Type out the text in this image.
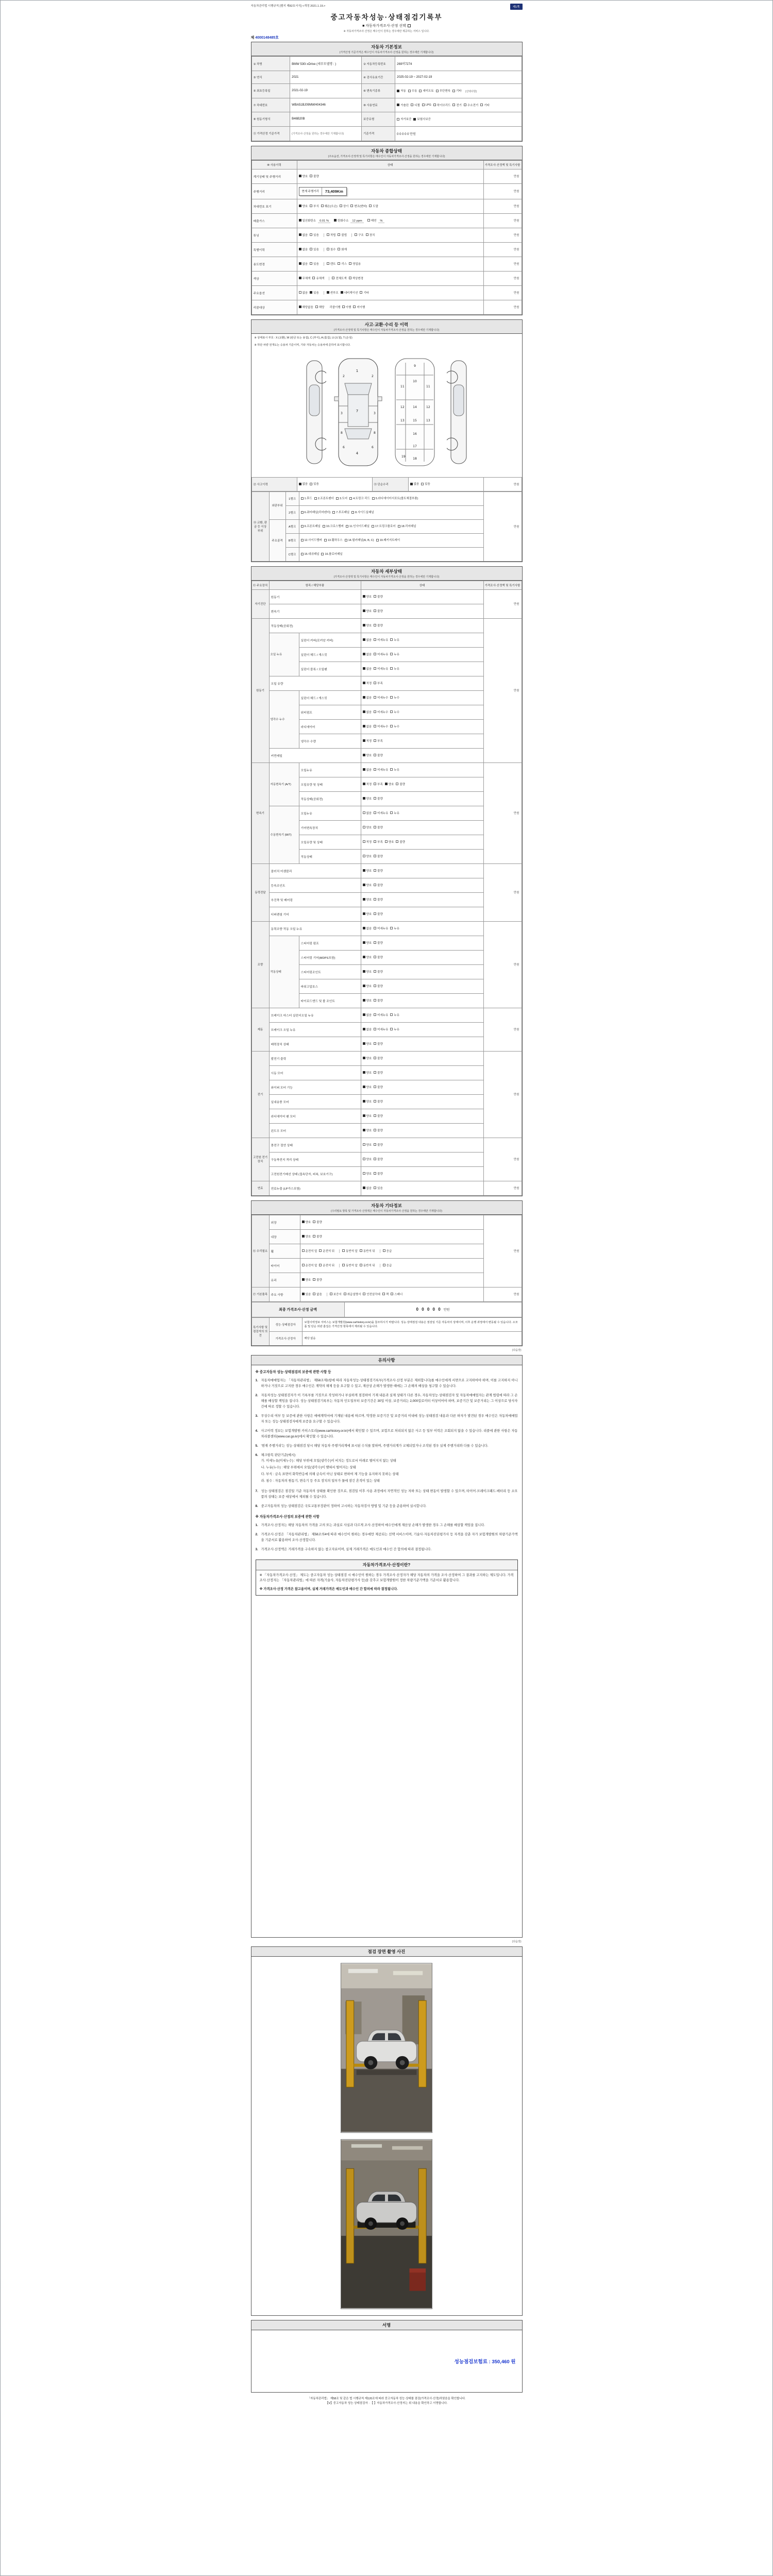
자동차관리법 시행규칙 [별지 제82호서식] <개정 2021.1.19.>	제1쪽
중고자동차성능·상태점검기록부
■ 자동차가격조사·산정 선택
※ 자동차가격조사·산정은 매수인이 원하는 경우에만 제공하는 서비스 입니다.
제 4000148485호
자동차 기본정보
(가격산정 기준가격은 매수인이 자동차가격조사·산정을 원하는 경우에만 기재합니다)
① 차명	BMW 530i xDrive (세부모델명 : )	② 자동차등록번호	269머7274
③ 연식	2021	④ 검사유효기간	2025-02-19 ~ 2027-02-19
⑤ 최초등록일	2021-02-19	⑥ 변속기종류	자동 수동 세미오토 무단변속 기타 (선택사항)
⑦ 차대번호	WBA51BJ09MWH04346	⑧ 사용연료	가솔린 디젤 LPG 하이브리드 전기 수소전기 기타
⑨ 원동기형식	B46B20B	보증유형	자가보증 보험사보증
⑪ 가격산정 기준가격	(가격조사·산정을 원하는 경우에만 기재합니다)	기준가격	0 0 0 0 0 만원
자동차 종합상태
(주요옵션, 가격조사·산정액 및 특기사항은 매수인이 자동차가격조사·산정을 원하는 경우에만 기재합니다)
⑩ 사용이력	상태	가격조사·산정액 및 특기사항
계기상태 및 주행거리	양호 불량	만원
주행거리	현재 주행거리 73,409Km	만원
차대번호 표기	양호 부식 훼손(오손) 상이 변조(변타) 도말	만원
배출가스	일산화탄소 0.01 % 탄화수소 12 ppm 매연 %	만원
튜닝	없음 있음	적법 불법	구조 장치	만원
특별이력	없음 있음 침수 화재	만원
용도변경	없음 있음 렌트 리스 영업용	만원
색상	무채색 유채색 전체도색 색상변경	만원
주요옵션	없음 있음 썬루프 네비게이션 기타	만원
리콜대상	해당없음 해당 리콜이행 이행 미이행	만원
사고·교환·수리 등 이력
(가격조사·산정액 및 특기사항은 매수인이 자동차가격조사·산정을 원하는 경우에만 기재합니다)
※ 상태표시 부호 : X (교환), W (판금 또는 용접), C (부식), A (흠집), U (요철), T (손상)
※ 하단 차량 전개도는 승용차 기준이며, 기타 자동차는 승용차에 준하여 표시합니다.
1
2	2
3	3
4
6	6
7
8	8
9
10
11	11
12	12
13	13
14
15
16
17
18
19
⑫ 사고이력	없음 있음	⑬ 단순수리	없음 있음	만원
⑭ 교환, 판금 등 이상 부위	외판부위	1랭크	1.후드 2.프론트펜더 3.도어 4.트렁크 리드 5.라디에이터서포트(볼트체결부품)	만원
		2랭크	6.쿼터패널(리어펜더) 7.루프패널 8.사이드실패널	
	주요골격	A랭크	9.프론트패널 10.크로스멤버 11.인사이드패널 17.트렁크플로어 18.리어패널	
		B랭크	12.사이드멤버 13.휠하우스 14.필러패널(A, B, C) 19.패키지트레이	
		C랭크	15.대쉬패널 16.플로어패널	
자동차 세부상태
(가격조사·산정액 및 특기사항은 매수인이 자동차가격조사·산정을 원하는 경우에만 기재합니다)
⑮ 주요장치	항목 / 해당부품		상태	가격조사·산정액 및 특기사항
자기진단	원동기		양호 불량	만원
	변속기		양호 불량	
원동기	작동상태(공회전)		양호 불량	만원
	오일 누유	실린더 커버(로커암 커버)	없음 미세누유 누유	
		실린더 헤드 / 개스킷	없음 미세누유 누유	
		실린더 블록 / 오일팬	없음 미세누유 누유	
	오일 유량		적정 부족	
	냉각수 누수	실린더 헤드 / 개스킷	없음 미세누수 누수	
		워터펌프	없음 미세누수 누수	
		라디에이터	없음 미세누수 누수	
		냉각수 수량	적정 부족	
	커먼레일		양호 불량	
변속기	자동변속기 (A/T)	오일누유	없음 미세누유 누유	만원
		오일유량 및 상태	적정 부족 양호 불량	
		작동상태(공회전)	양호 불량	
	수동변속기 (M/T)	오일누유	없음 미세누유 누유	
		기어변속장치	양호 불량	
		오일유량 및 상태	적정 부족 양호 불량	
		작동상태	양호 불량	
동력전달	클러치 어셈블리		양호 불량	만원
	등속조인트		양호 불량	
	추진축 및 베어링		양호 불량	
	디퍼렌셜 기어		양호 불량	
조향	동력조향 작동 오일 누유		없음 미세누유 누유	만원
	작동상태	스티어링 펌프	양호 불량	
		스티어링 기어(MDPS포함)	양호 불량	
		스티어링조인트	양호 불량	
		파워고압호스	양호 불량	
		타이로드엔드 및 볼 조인트	양호 불량	
제동	브레이크 마스터 실린더오일 누유		없음 미세누유 누유	만원
	브레이크 오일 누유		없음 미세누유 누유	
	배력장치 상태		양호 불량	
전기	발전기 출력		양호 불량	만원
	시동 모터		양호 불량	
	와이퍼 모터 기능		양호 불량	
	실내송풍 모터		양호 불량	
	라디에이터 팬 모터		양호 불량	
	윈도우 모터		양호 불량	
고전원 전기장치	충전구 절연 상태		양호 불량	만원
	구동축전지 격리 상태		양호 불량	
	고전원전기배선 상태 (접속단자, 피복, 보호기구)		양호 불량	
연료	연료누출 (LP가스포함)		없음 있음	만원
자동차 기타정보
(수리필요 항목 및 가격조사·산정액은 매수인이 자동차가격조사·산정을 원하는 경우에만 기재합니다)
⑯ 수리필요	외장	양호 불량	만원
	내장	양호 불량	
	휠	운전석 앞 운전석 뒤 동반석 앞 동반석 뒤 응급	
	타이어	운전석 앞 운전석 뒤 동반석 앞 동반석 뒤 응급	
	유리	양호 불량	
⑰ 기본품목	주요 사항	있음 없음	보증서 취급설명서 안전삼각대 잭 스패너	만원
최종 가격조사·산정 금액	0 0 0 0 0 만원
특기사항 및 점검자의 의견	성능·상태점검자	보험이력정보 서비스는 보험개발원(www.carhistory.or.kr)을 참조하시기 바랍니다. 성능·상태점검 내용은 점검일 기준 자동차의 상태이며, 이후 운행 과정에서 변동될 수 있습니다. 소모품 및 단순 외관 흠집은 가격산정 항목에서 제외될 수 있습니다.
	가격조사·산정자	해당 없음
(다음장)
유의사항
※ 중고자동차 성능·상태점검의 보증에 관한 사항 등
1. 자동차매매업자는 「자동차관리법」 제58조제1항에 따라 자동차성능·상태점검기록부(가격조사·산정 부분은 제외합니다)를 매수인에게 서면으로 고지하여야 하며, 이를 고지하지 아니하거나 거짓으로 고지한 경우 매수인은 계약의 해제 등을 요구할 수 있고, 재산상 손해가 발생한 때에는 그 손해의 배상을 청구할 수 있습니다.
2. 자동차성능·상태점검자가 이 기록부를 거짓으로 작성하거나 부실하게 점검하여 기재 내용과 실제 상태가 다른 경우, 자동차성능·상태점검자 및 자동차매매업자는 관계 법령에 따라 그 손해를 배상할 책임을 집니다. 성능·상태점검기록부는 자동차 인도일부터 보증기간은 30일 이상, 보증거리는 2,000킬로미터 이상이어야 하며, 보증기간 및 보증거리는 그 이상으로 당사자 간에 따로 정할 수 있습니다.
3. 무상수리 여부 등 보증에 관한 사항은 매매계약서에 기재된 내용에 따르며, 약정한 보증기간 및 보증거리 이내에 성능·상태점검 내용과 다른 하자가 발견된 경우 매수인은 자동차매매업자 또는 성능·상태점검자에게 보증을 요구할 수 있습니다.
4. 사고이력 정보는 보험개발원 카히스토리(www.carhistory.or.kr)에서 확인할 수 있으며, 보험으로 처리되지 않은 사고 등 일부 이력은 조회되지 않을 수 있습니다. 리콜에 관한 사항은 자동차리콜센터(www.car.go.kr)에서 확인할 수 있습니다.
5. '현재 주행거리'는 성능·상태점검 당시 해당 자동차 주행거리계에 표시된 수치를 말하며, 주행거리계가 교체되었거나 조작된 경우 실제 주행거리와 다를 수 있습니다.
6. 체크항목 판단기준(예시)
가. 미세누유(미세누수) : 해당 부위에 오일(냉각수)이 비치는 정도로서 아래로 떨어지지 않는 상태
나. 누유(누수) : 해당 부위에서 오일(냉각수)이 맺혀서 떨어지는 상태
다. 부식 : 금속 표면이 화학반응에 의해 금속이 아닌 상태로 변하여 제 기능을 유지하지 못하는 상태
라. 침수 : 자동차의 원동기, 변속기 등 주요 장치의 일부가 물에 잠긴 흔적이 있는 상태
7. 성능·상태점검은 점검일 기준 자동차의 상태를 확인한 것으로, 점검일 이후 사용 과정에서 자연적인 성능 저하 또는 상태 변동이 발생할 수 있으며, 타이어·브레이크패드·배터리 등 소모품의 상태는 보증 대상에서 제외될 수 있습니다.
8. 중고자동차의 성능·상태점검은 국토교통부장관이 정하여 고시하는 자동차검사 방법 및 기준 등을 준용하여 실시합니다.
※ 자동차가격조사·산정의 보증에 관한 사항
1. 가격조사·산정자는 해당 자동차의 가격을 고의 또는 과실로 사실과 다르게 조사·산정하여 매수인에게 재산상 손해가 발생한 경우 그 손해를 배상할 책임을 집니다.
2. 가격조사·산정은 「자동차관리법」 제58조의4에 따라 매수인이 원하는 경우에만 제공되는 선택 서비스이며, 기술사·자동차진단평가사 등 자격을 갖춘 자가 보험개발원의 차량기준가액을 기준서로 활용하여 조사·산정합니다.
3. 가격조사·산정액은 거래가격을 구속하지 않는 참고자료이며, 실제 거래가격은 매도인과 매수인 간 합의에 따라 결정됩니다.
자동차가격조사·산정이란?
※ 「자동차가격조사·산정」 제도는 중고자동차 성능·상태점검 시 매수인이 원하는 경우 가격조사·산정자가 해당 자동차의 가격을 조사·산정하여 그 결과를 고지하는 제도입니다. 가격조사·산정자는 「자동차관리법」에 따른 자격(기술사, 자동차진단평가사 등)을 갖추고 보험개발원이 정한 차량기준가액을 기준서로 활용합니다.
※ 가격조사·산정 가격은 참고용이며, 실제 거래가격은 매도인과 매수인 간 합의에 따라 결정됩니다.
(다음장)
점검 장면 촬영 사진
서명
성능점검보험료 : 350,460 원
「자동차관리법」 제58조 및 같은 법 시행규칙 제120조에 따라 중고자동차 성능·상태를 점검(가격조사·산정)하였음을 확인합니다.
【Ⅴ】중고자동차 성능·상태점검자 · 【 】자동차가격조사·산정자는 위 내용을 확인하고 서명합니다.
